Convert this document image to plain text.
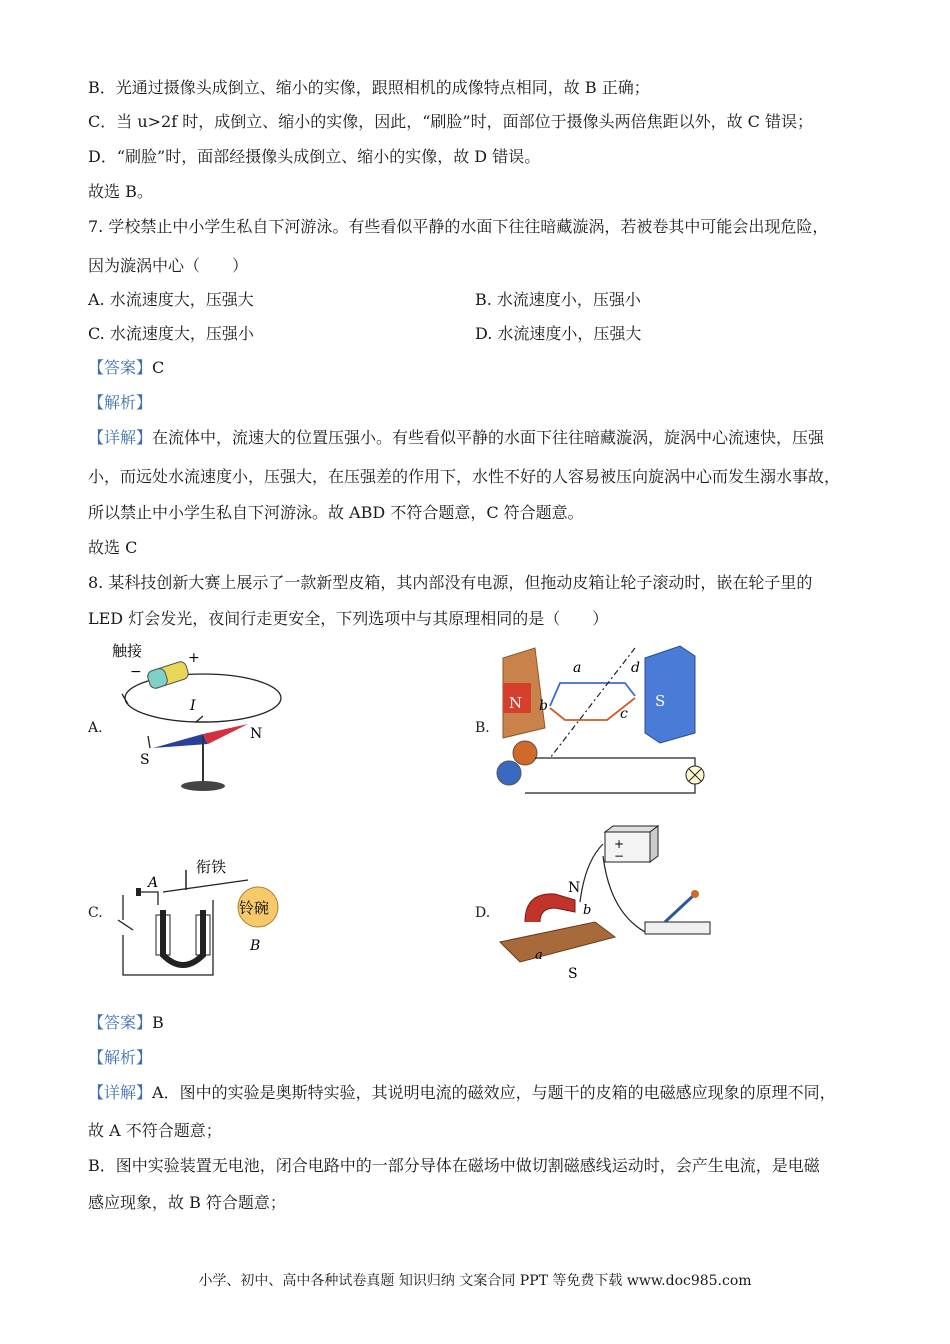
B．光通过摄像头成倒立、缩小的实像，跟照相机的成像特点相同，故 B 正确；
C．当 u>2f 时，成倒立、缩小的实像，因此，“刷脸”时，面部位于摄像头两倍焦距以外，故 C 错误；
D．“刷脸”时，面部经摄像头成倒立、缩小的实像，故 D 错误。
故选 B。
7. 学校禁止中小学生私自下河游泳。有些看似平静的水面下往往暗藏漩涡，若被卷其中可能会出现危险，
因为漩涡中心（　　）
A. 水流速度大，压强大	B. 水流速度小，压强小
C. 水流速度大，压强小	D. 水流速度小，压强大
【答案】C
【解析】
【详解】在流体中，流速大的位置压强小。有些看似平静的水面下往往暗藏漩涡，旋涡中心流速快，压强
小，而远处水流速度小，压强大，在压强差的作用下，水性不好的人容易被压向旋涡中心而发生溺水事故，
所以禁止中小学生私自下河游泳。故 ABD 不符合题意，C 符合题意。
故选 C
8. 某科技创新大赛上展示了一款新型皮箱，其内部没有电源，但拖动皮箱让轮子滚动时，嵌在轮子里的
LED 灯会发光，夜间行走更安全，下列选项中与其原理相同的是（　　）
A.
触接
−
+
I
S
N	B.
N	S
a
b	c
d
C.
衔铁
A
铃碗
B
D.
+
−
N
a
b
S
【答案】B
【解析】
【详解】A．图中的实验是奥斯特实验，其说明电流的磁效应，与题干的皮箱的电磁感应现象的原理不同，
故 A 不符合题意；
B．图中实验装置无电池，闭合电路中的一部分导体在磁场中做切割磁感线运动时，会产生电流，是电磁
感应现象，故 B 符合题意；
小学、初中、高中各种试卷真题 知识归纳 文案合同 PPT 等免费下载 www.doc985.com
